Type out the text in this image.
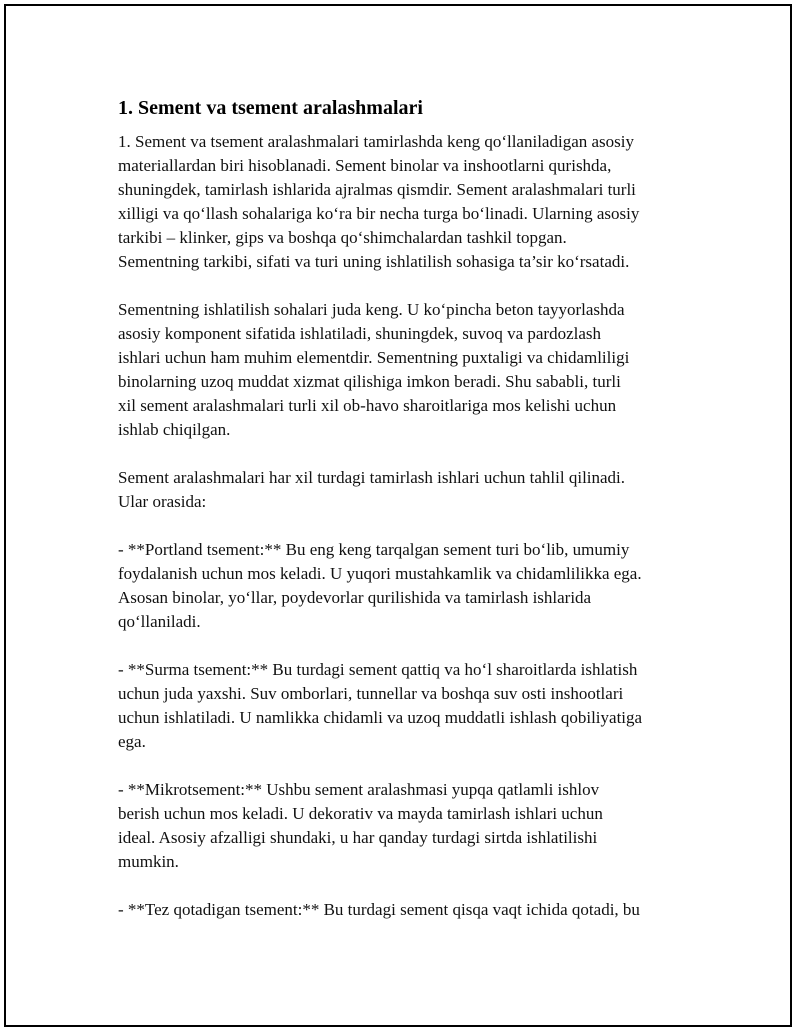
1. Sement va tsement aralashmalari
1. Sement va tsement aralashmalari tamirlashda keng qo‘llaniladigan asosiy
materiallardan biri hisoblanadi. Sement binolar va inshootlarni qurishda,
shuningdek, tamirlash ishlarida ajralmas qismdir. Sement aralashmalari turli
xilligi va qo‘llash sohalariga ko‘ra bir necha turga bo‘linadi. Ularning asosiy
tarkibi – klinker, gips va boshqa qo‘shimchalardan tashkil topgan.
Sementning tarkibi, sifati va turi uning ishlatilish sohasiga ta’sir ko‘rsatadi.
Sementning ishlatilish sohalari juda keng. U ko‘pincha beton tayyorlashda
asosiy komponent sifatida ishlatiladi, shuningdek, suvoq va pardozlash
ishlari uchun ham muhim elementdir. Sementning puxtaligi va chidamliligi
binolarning uzoq muddat xizmat qilishiga imkon beradi. Shu sababli, turli
xil sement aralashmalari turli xil ob-havo sharoitlariga mos kelishi uchun
ishlab chiqilgan.
Sement aralashmalari har xil turdagi tamirlash ishlari uchun tahlil qilinadi.
Ular orasida:
- **Portland tsement:** Bu eng keng tarqalgan sement turi bo‘lib, umumiy
foydalanish uchun mos keladi. U yuqori mustahkamlik va chidamlilikka ega.
Asosan binolar, yo‘llar, poydevorlar qurilishida va tamirlash ishlarida
qo‘llaniladi.
- **Surma tsement:** Bu turdagi sement qattiq va ho‘l sharoitlarda ishlatish
uchun juda yaxshi. Suv omborlari, tunnellar va boshqa suv osti inshootlari
uchun ishlatiladi. U namlikka chidamli va uzoq muddatli ishlash qobiliyatiga
ega.
- **Mikrotsement:** Ushbu sement aralashmasi yupqa qatlamli ishlov
berish uchun mos keladi. U dekorativ va mayda tamirlash ishlari uchun
ideal. Asosiy afzalligi shundaki, u har qanday turdagi sirtda ishlatilishi
mumkin.
- **Tez qotadigan tsement:** Bu turdagi sement qisqa vaqt ichida qotadi, bu
